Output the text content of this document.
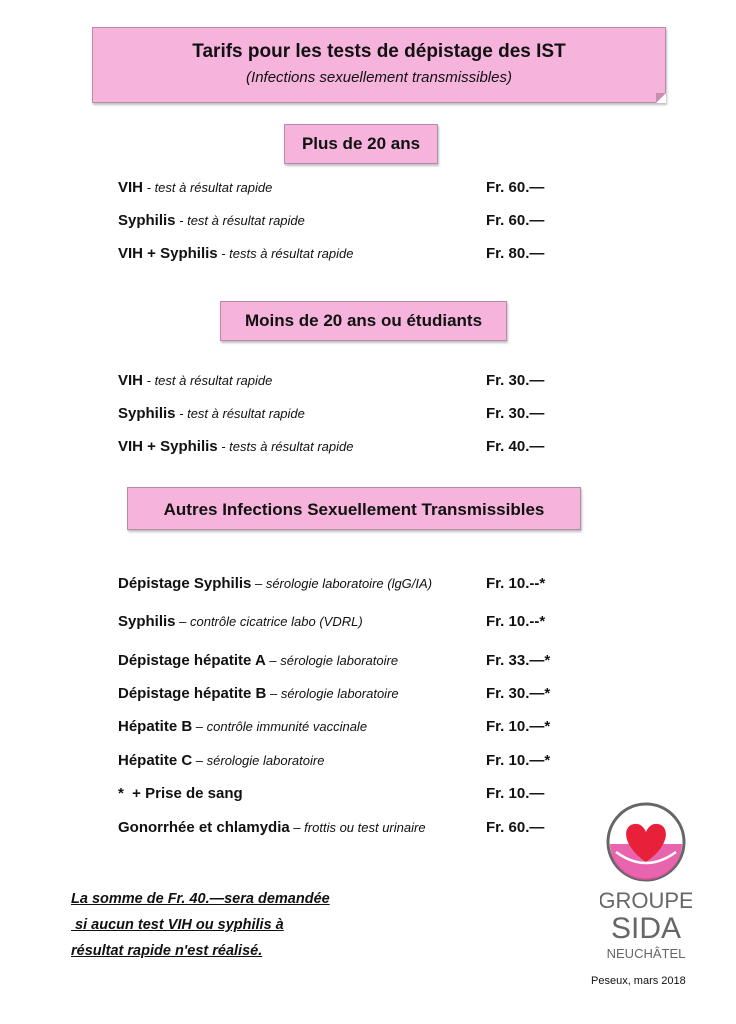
Tarifs pour les tests de dépistage des IST
(Infections sexuellement transmissibles)
Plus de 20 ans
VIH - test à résultat rapide	Fr. 60.—
Syphilis - test à résultat rapide	Fr. 60.—
VIH + Syphilis - tests à résultat rapide	Fr. 80.—
Moins de 20 ans ou étudiants
VIH - test à résultat rapide	Fr. 30.—
Syphilis - test à résultat rapide	Fr. 30.—
VIH + Syphilis - tests à résultat rapide	Fr. 40.—
Autres Infections Sexuellement Transmissibles
Dépistage Syphilis – sérologie laboratoire (lgG/IA)	Fr. 10.--*
Syphilis – contrôle cicatrice labo (VDRL)	Fr. 10.--*
Dépistage hépatite A – sérologie laboratoire	Fr. 33.—*
Dépistage hépatite B – sérologie laboratoire	Fr. 30.—*
Hépatite B – contrôle immunité vaccinale	Fr. 10.—*
Hépatite C – sérologie laboratoire	Fr. 10.—*
*  + Prise de sang	Fr. 10.—
Gonorrhée et chlamydia – frottis ou test urinaire	Fr. 60.—
La somme de Fr. 40.—sera demandée
si aucun test VIH ou syphilis à
résultat rapide n'est réalisé.
GROUPE
SIDA
NEUCHÂTEL
Peseux, mars 2018
